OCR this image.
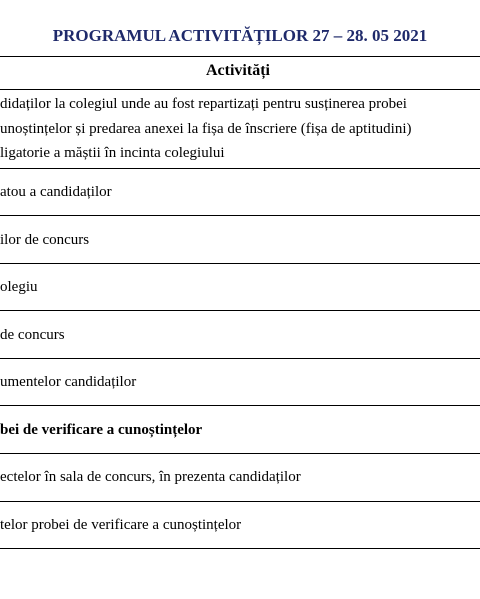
PROGRAMUL ACTIVITĂȚILOR 27 – 28. 05 2021
Activități
didaților la colegiul unde au fost repartizați pentru susținerea probei
unoștințelor și predarea anexei la fișa de înscriere (fișa de aptitudini)
ligatorie a măștii în incinta colegiului
atou a candidaților
ilor de concurs
olegiu
de concurs
umentelor candidaților
bei de verificare a cunoștințelor
ectelor în sala de concurs, în prezenta candidaților
telor probei de verificare a cunoștințelor
